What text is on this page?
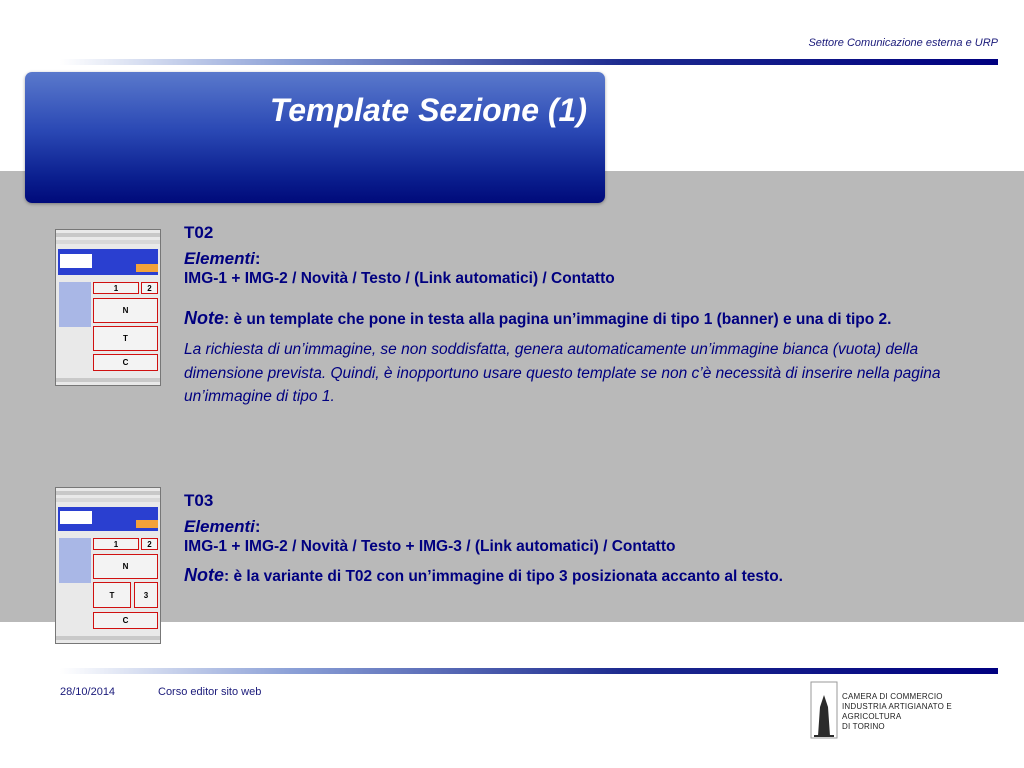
Settore Comunicazione esterna e URP
Template Sezione (1)
1	2
N
T
C
T02
Elementi:
IMG-1 + IMG-2 / Novità / Testo / (Link automatici) / Contatto
Note: è un template che pone in testa alla pagina un’immagine di tipo 1 (banner) e una di tipo 2.
La richiesta di un’immagine, se non soddisfatta, genera automaticamente un’immagine bianca (vuota) della dimensione prevista. Quindi, è inopportuno usare questo template se non c’è necessità di inserire nella pagina un’immagine di tipo 1.
1	2
N
T	3
C
T03
Elementi:
IMG-1 + IMG-2 / Novità / Testo + IMG-3 / (Link automatici) / Contatto
Note: è la variante di T02 con un’immagine di tipo 3 posizionata accanto al testo.
28/10/2014	Corso editor sito web	CAMERA DI COMMERCIO
INDUSTRIA ARTIGIANATO E AGRICOLTURA
DI TORINO
